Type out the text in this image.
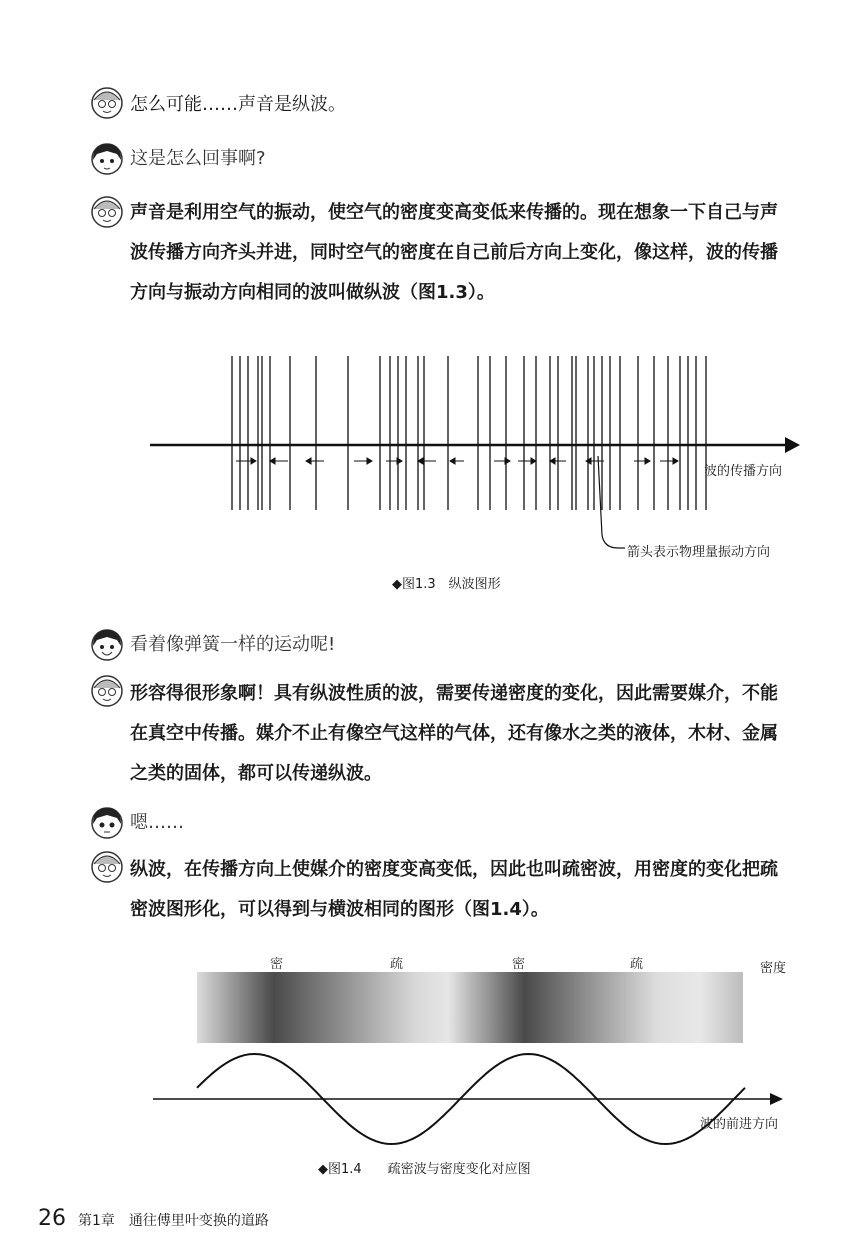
怎么可能……声音是纵波。
这是怎么回事啊?
声音是利用空气的振动，使空气的密度变高变低来传播的。现在想象一下自己与声
波传播方向齐头并进，同时空气的密度在自己前后方向上变化，像这样，波的传播
方向与振动方向相同的波叫做纵波（图1.3）。
波的传播方向
箭头表示物理量振动方向
◆图1.3　纵波图形
看着像弹簧一样的运动呢!
形容得很形象啊！具有纵波性质的波，需要传递密度的变化，因此需要媒介，不能
在真空中传播。媒介不止有像空气这样的气体，还有像水之类的液体，木材、金属
之类的固体，都可以传递纵波。
嗯……
纵波，在传播方向上使媒介的密度变高变低，因此也叫疏密波，用密度的变化把疏
密波图形化，可以得到与横波相同的图形（图1.4）。
密	疏	密	疏	密度
波的前进方向
◆图1.4　　疏密波与密度变化对应图
26 第1章　通往傅里叶变换的道路
